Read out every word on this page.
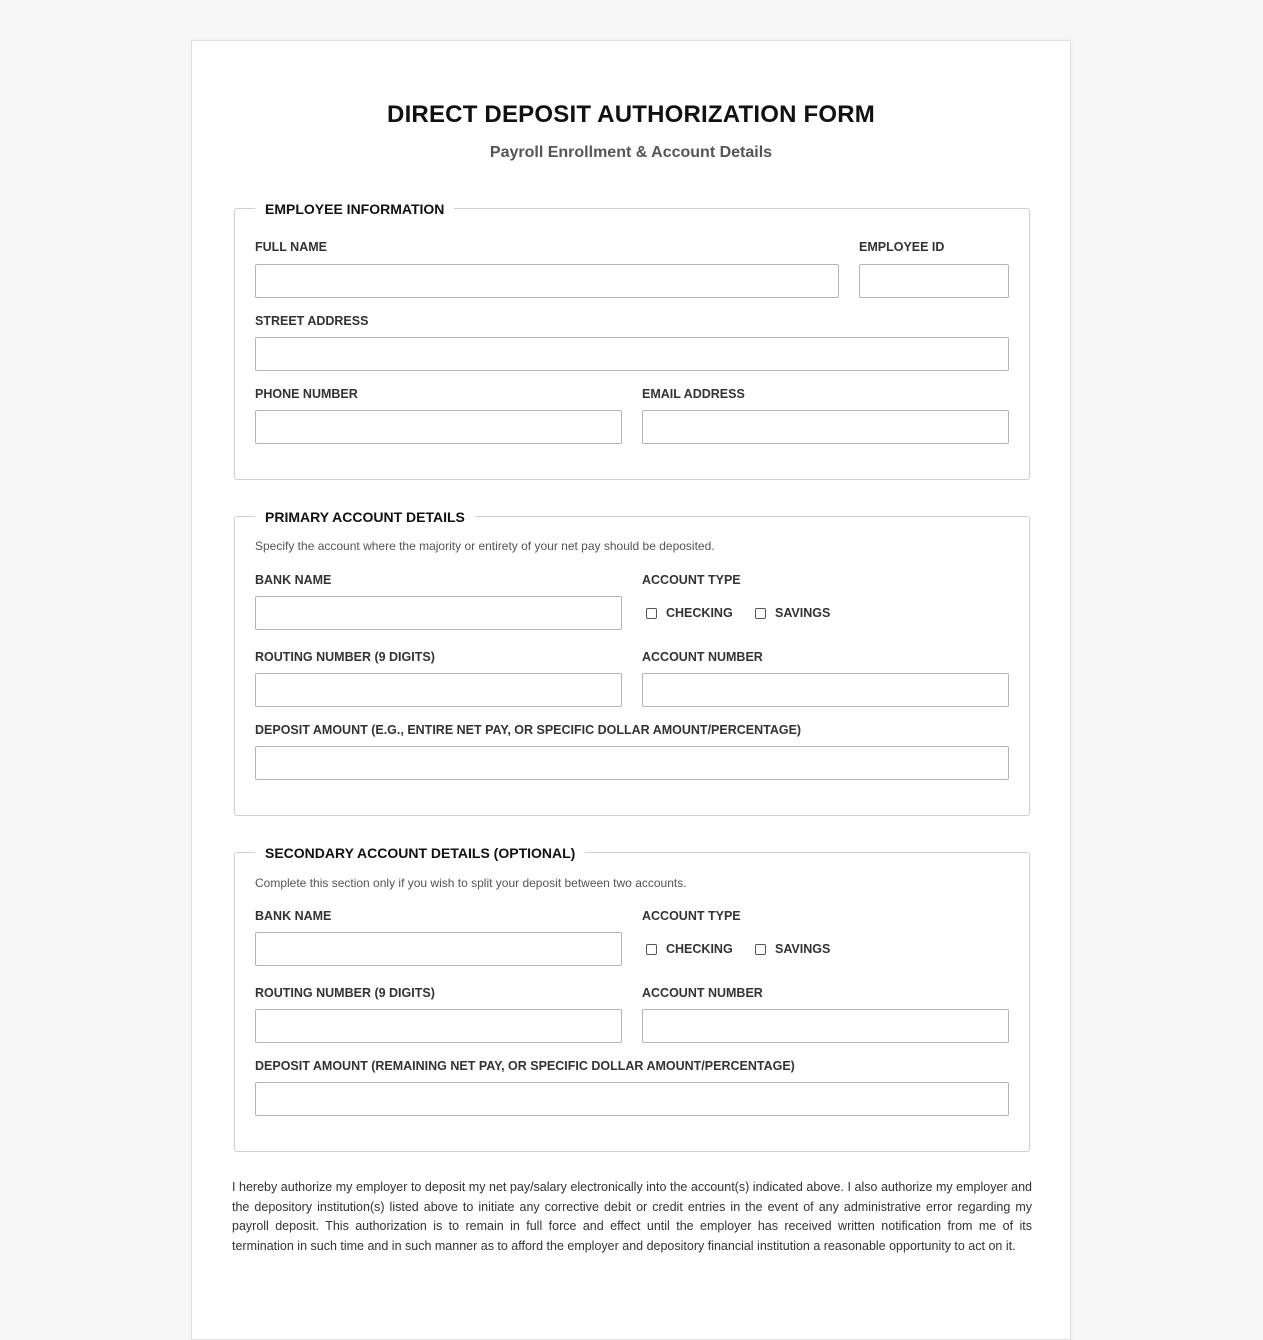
DIRECT DEPOSIT AUTHORIZATION FORM
Payroll Enrollment & Account Details
EMPLOYEE INFORMATION
FULL NAME	EMPLOYEE ID
STREET ADDRESS
PHONE NUMBER	EMAIL ADDRESS
PRIMARY ACCOUNT DETAILS
Specify the account where the majority or entirety of your net pay should be deposited.
BANK NAME	ACCOUNT TYPE
CHECKING	SAVINGS
ROUTING NUMBER (9 DIGITS)	ACCOUNT NUMBER
DEPOSIT AMOUNT (E.G., ENTIRE NET PAY, OR SPECIFIC DOLLAR AMOUNT/PERCENTAGE)
SECONDARY ACCOUNT DETAILS (OPTIONAL)
Complete this section only if you wish to split your deposit between two accounts.
BANK NAME	ACCOUNT TYPE
CHECKING	SAVINGS
ROUTING NUMBER (9 DIGITS)	ACCOUNT NUMBER
DEPOSIT AMOUNT (REMAINING NET PAY, OR SPECIFIC DOLLAR AMOUNT/PERCENTAGE)

I hereby authorize my employer to deposit my net pay/salary electronically into the account(s) indicated above. I also authorize my employer and the depository institution(s) listed above to initiate any corrective debit or credit entries in the event of any administrative error regarding my payroll deposit. This authorization is to remain in full force and effect until the employer has received written notification from me of its termination in such time and in such manner as to afford the employer and depository financial institution a reasonable opportunity to act on it.
